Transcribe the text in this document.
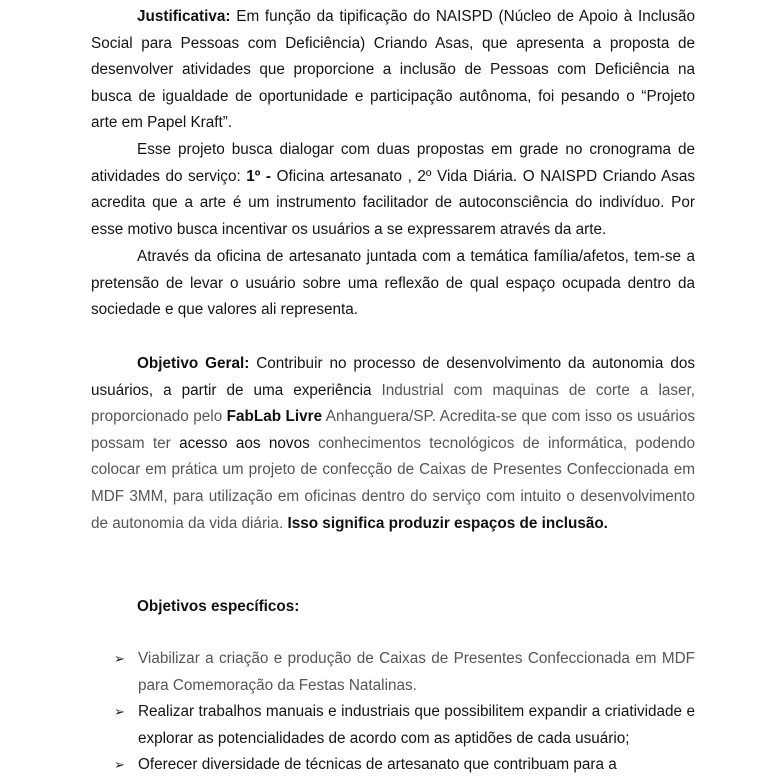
Justificativa: Em função da tipificação do NAISPD (Núcleo de Apoio à Inclusão Social para Pessoas com Deficiência) Criando Asas, que apresenta a proposta de desenvolver atividades que proporcione a inclusão de Pessoas com Deficiência na busca de igualdade de oportunidade e participação autônoma, foi pesando o “Projeto arte em Papel Kraft”.

Esse projeto busca dialogar com duas propostas em grade no cronograma de atividades do serviço: 1º - Oficina artesanato , 2º Vida Diária. O NAISPD Criando Asas acredita que a arte é um instrumento facilitador de autoconsciência do indivíduo. Por esse motivo busca incentivar os usuários a se expressarem através da arte.

Através da oficina de artesanato juntada com a temática família/afetos, tem-se a pretensão de levar o usuário sobre uma reflexão de qual espaço ocupada dentro da sociedade e que valores ali representa.

Objetivo Geral: Contribuir no processo de desenvolvimento da autonomia dos usuários, a partir de uma experiência Industrial com maquinas de corte a laser, proporcionado pelo FabLab Livre Anhanguera/SP. Acredita-se que com isso os usuários possam ter acesso aos novos conhecimentos tecnológicos de informática, podendo colocar em prática um projeto de confecção de Caixas de Presentes Confeccionada em MDF 3MM, para utilização em oficinas dentro do serviço com intuito o desenvolvimento de autonomia da vida diária. Isso significa produzir espaços de inclusão.

Objetivos específicos:

➢ Viabilizar a criação e produção de Caixas de Presentes Confeccionada em MDF para Comemoração da Festas Natalinas.
➢ Realizar trabalhos manuais e industriais que possibilitem expandir a criatividade e explorar as potencialidades de acordo com as aptidões de cada usuário;
➢ Oferecer diversidade de técnicas de artesanato que contribuam para a
